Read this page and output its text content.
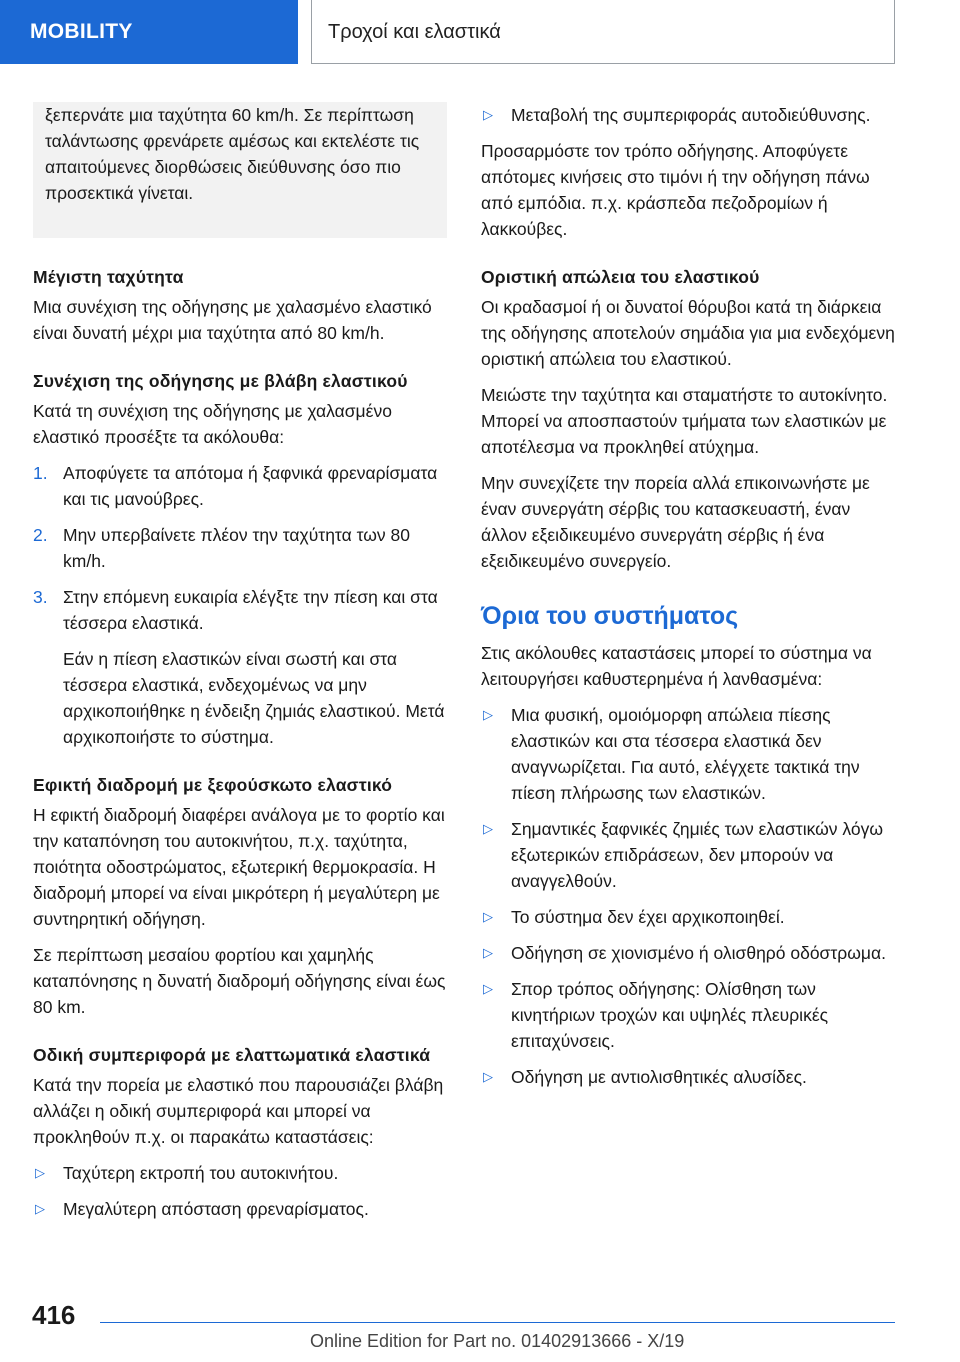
MOBILITY	Τροχοί και ελαστικά

ξεπερνάτε μια ταχύτητα 60 km/h. Σε περίπτωση ταλάντωσης φρενάρετε αμέσως και εκτελέστε τις απαιτούμενες διορθώσεις διεύθυνσης όσο πιο προσεκτικά γίνεται.

Μέγιστη ταχύτητα

Μια συνέχιση της οδήγησης με χαλασμένο ελαστικό είναι δυνατή μέχρι μια ταχύτητα από 80 km/h.

Συνέχιση της οδήγησης με βλάβη ελαστικού

Κατά τη συνέχιση της οδήγησης με χαλασμένο ελαστικό προσέξτε τα ακόλουθα:

1. Αποφύγετε τα απότομα ή ξαφνικά φρεναρίσματα και τις μανούβρες.
2. Μην υπερβαίνετε πλέον την ταχύτητα των 80 km/h.
3. Στην επόμενη ευκαιρία ελέγξτε την πίεση και στα τέσσερα ελαστικά.

Εάν η πίεση ελαστικών είναι σωστή και στα τέσσερα ελαστικά, ενδεχομένως να μην αρχικοποιήθηκε η ένδειξη ζημιάς ελαστικού. Μετά αρχικοποιήστε το σύστημα.

Εφικτή διαδρομή με ξεφούσκωτο ελαστικό

Η εφικτή διαδρομή διαφέρει ανάλογα με το φορτίο και την καταπόνηση του αυτοκινήτου, π.χ. ταχύτητα, ποιότητα οδοστρώματος, εξωτερική θερμοκρασία. Η διαδρομή μπορεί να είναι μικρότερη ή μεγαλύτερη με συντηρητική οδήγηση.

Σε περίπτωση μεσαίου φορτίου και χαμηλής καταπόνησης η δυνατή διαδρομή οδήγησης είναι έως 80 km.

Οδική συμπεριφορά με ελαττωματικά ελαστικά

Κατά την πορεία με ελαστικό που παρουσιάζει βλάβη αλλάζει η οδική συμπεριφορά και μπορεί να προκληθούν π.χ. οι παρακάτω καταστάσεις:

▷ Ταχύτερη εκτροπή του αυτοκινήτου.
▷ Μεγαλύτερη απόσταση φρεναρίσματος.
▷ Μεταβολή της συμπεριφοράς αυτοδιεύθυνσης.

Προσαρμόστε τον τρόπο οδήγησης. Αποφύγετε απότομες κινήσεις στο τιμόνι ή την οδήγηση πάνω από εμπόδια. π.χ. κράσπεδα πεζοδρομίων ή λακκούβες.

Οριστική απώλεια του ελαστικού

Οι κραδασμοί ή οι δυνατοί θόρυβοι κατά τη διάρκεια της οδήγησης αποτελούν σημάδια για μια ενδεχόμενη οριστική απώλεια του ελαστικού.

Μειώστε την ταχύτητα και σταματήστε το αυτοκίνητο. Μπορεί να αποσπαστούν τμήματα των ελαστικών με αποτέλεσμα να προκληθεί ατύχημα.

Μην συνεχίζετε την πορεία αλλά επικοινωνήστε με έναν συνεργάτη σέρβις του κατασκευαστή, έναν άλλον εξειδικευμένο συνεργάτη σέρβις ή ένα εξειδικευμένο συνεργείο.

Όρια του συστήματος

Στις ακόλουθες καταστάσεις μπορεί το σύστημα να λειτουργήσει καθυστερημένα ή λανθασμένα:

▷ Μια φυσική, ομοιόμορφη απώλεια πίεσης ελαστικών και στα τέσσερα ελαστικά δεν αναγνωρίζεται. Για αυτό, ελέγχετε τακτικά την πίεση πλήρωσης των ελαστικών.
▷ Σημαντικές ξαφνικές ζημιές των ελαστικών λόγω εξωτερικών επιδράσεων, δεν μπορούν να αναγγελθούν.
▷ Το σύστημα δεν έχει αρχικοποιηθεί.
▷ Οδήγηση σε χιονισμένο ή ολισθηρό οδόστρωμα.
▷ Σπορ τρόπος οδήγησης: Ολίσθηση των κινητήριων τροχών και υψηλές πλευρικές επιταχύνσεις.
▷ Οδήγηση με αντιολισθητικές αλυσίδες.
416
Online Edition for Part no. 01402913666 - X/19
